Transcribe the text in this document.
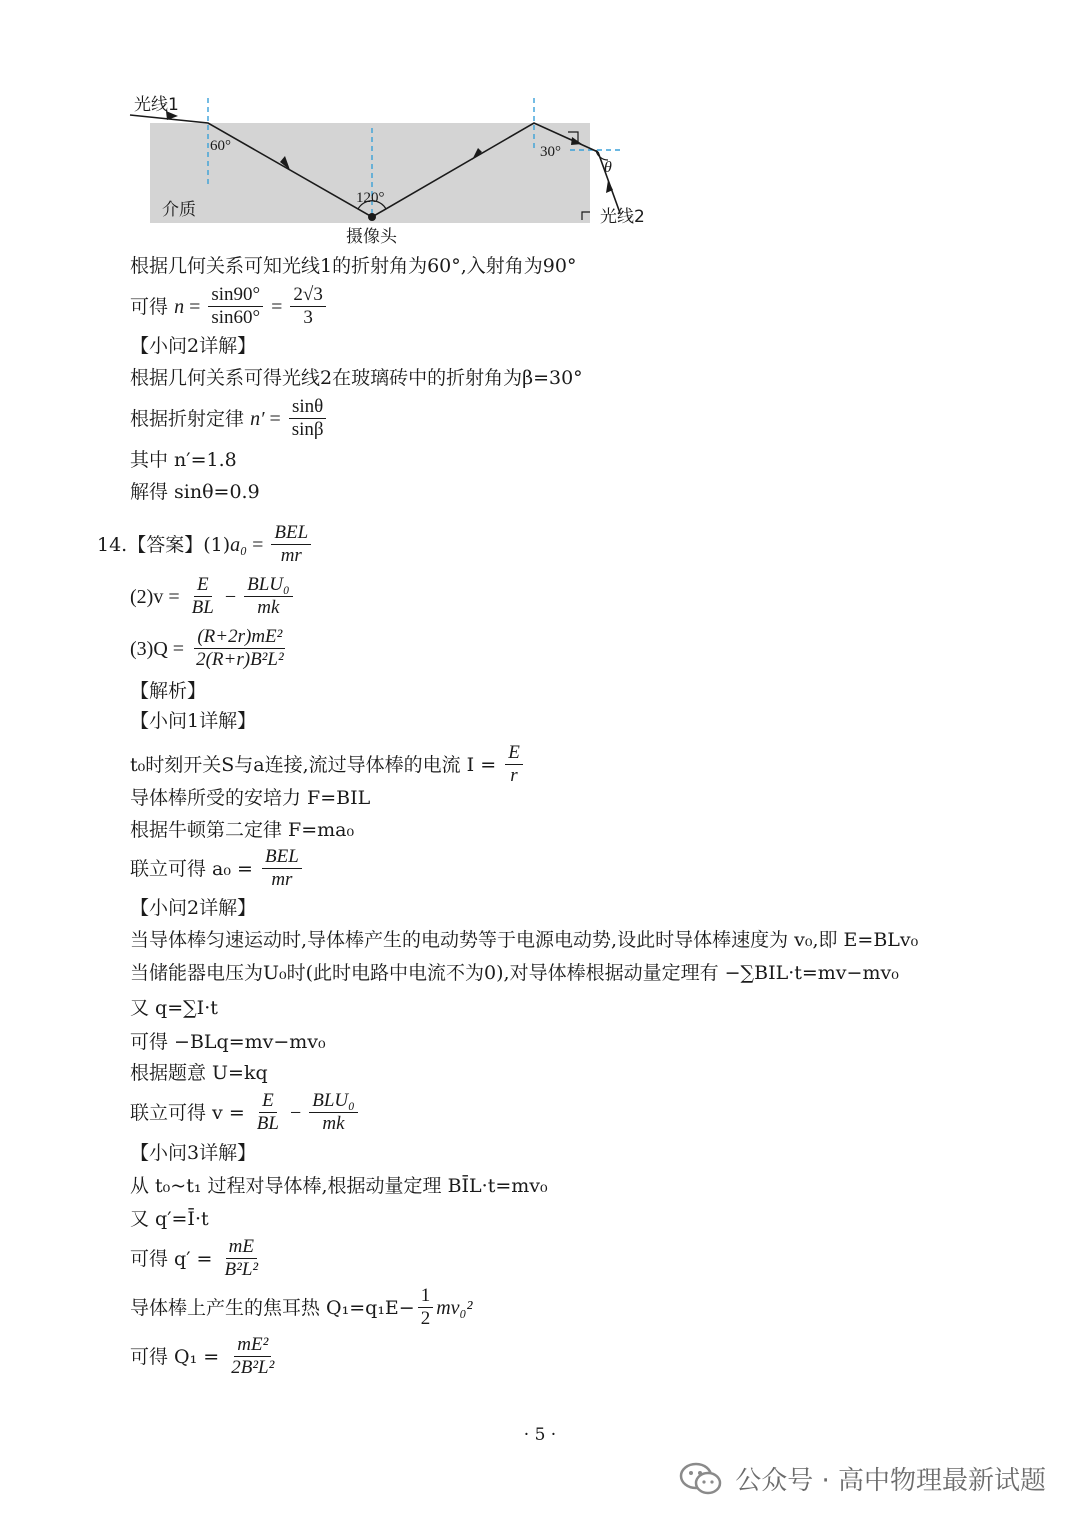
光线1
60°
120°
30°
θ
介质
摄像头
光线2
根据几何关系可知光线1的折射角为60°,入射角为90°
可得
$n = \frac{\sin 90^\circ}{\sin 60^\circ} = \frac{2√3}{3}$
【小问2详解】
根据几何关系可得光线2在玻璃砖中的折射角为β=30°
根据折射定律
$n' = \frac{\sin\theta}{\sin\beta}$
其中 n′=1.8
解得 sinθ=0.9
14.【答案】(1) $a_0 = \frac{\text{BEL}}{mr}$
(2)v =
$\frac{E}{BL} - \frac{\text{BLU₀}}{mk}$
(3)Q =
$\frac{\text{(R+2r)mE²}}{\text{2(R+r)B²L²}}$
【解析】
【小问1详解】
t₀时刻开关S与a连接,流过导体棒的电流 I =
$\frac{E}{r}$
导体棒所受的安培力 F=BIL
根据牛顿第二定律 F=ma₀
联立可得 a₀ =
$\frac{\text{BEL}}{mr}$
【小问2详解】
当导体棒匀速运动时,导体棒产生的电动势等于电源电动势,设此时导体棒速度为 v₀,即 E=BLv₀
当储能器电压为U₀时(此时电路中电流不为0),对导体棒根据动量定理有 −∑BIL·t=mv−mv₀
又 q=∑I·t
可得 −BLq=mv−mv₀
根据题意 U=kq
联立可得 v =
$\frac{E}{BL} - \frac{\text{BLU₀}}{mk}$
【小问3详解】
从 t₀~t₁ 过程对导体棒,根据动量定理 BĪL·t=mv₀
又 q′=Ī·t
可得 q′ =
$\frac{mE}{\text{B²L²}}$
导体棒上产生的焦耳热 $Q_1=q_1E- \frac{1}{2} mv_0^2$
可得 Q₁ =
$\frac{\text{mE²}}{\text{2B²L²}}$
· 5 ·
公众号 · 高中物理最新试题
